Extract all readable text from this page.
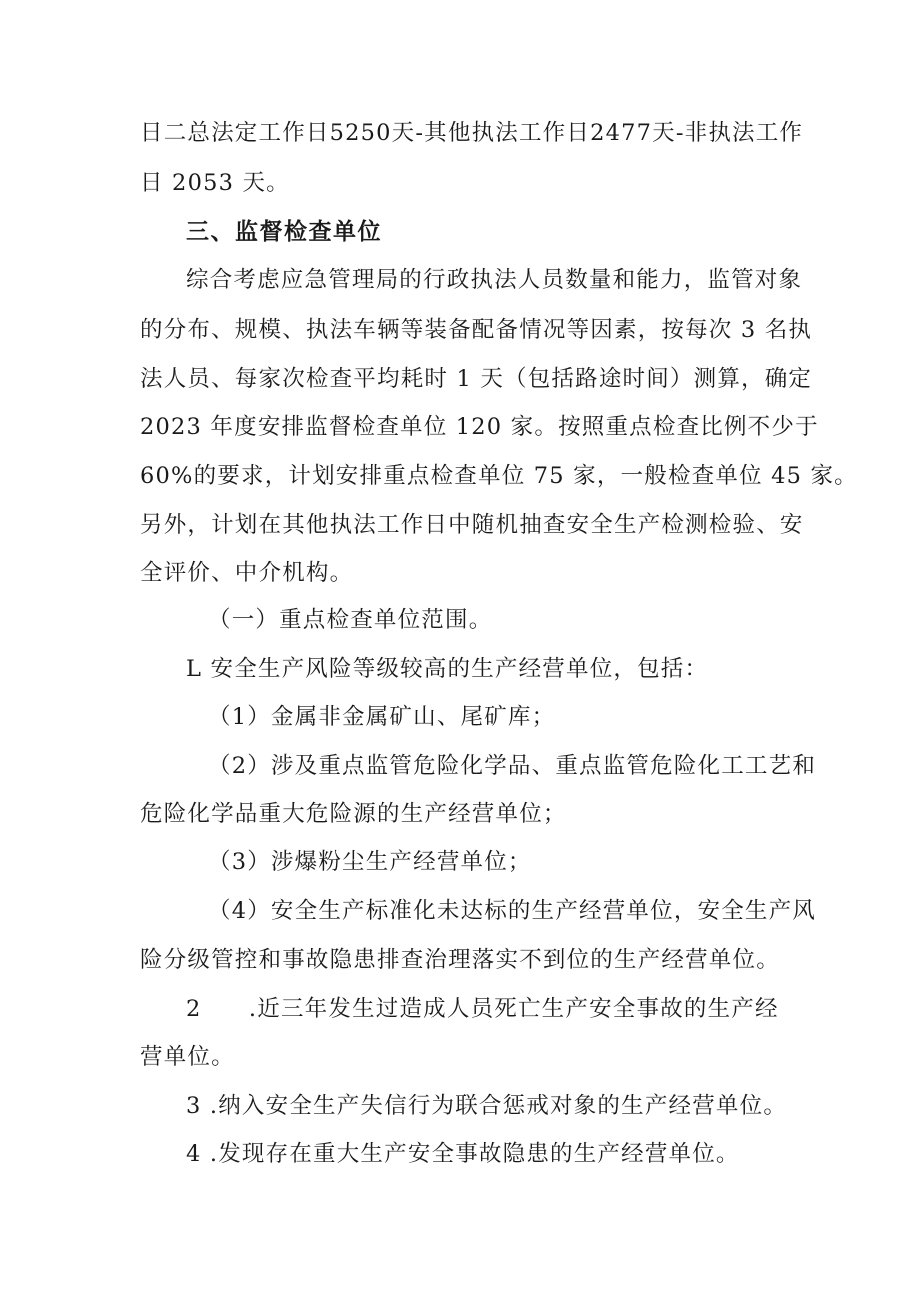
日二总法定工作日5250天-其他执法工作日2477天-非执法工作
日 2053 天。
三、监督检查单位
综合考虑应急管理局的行政执法人员数量和能力，监管对象
的分布、规模、执法车辆等装备配备情况等因素，按每次 3 名执
法人员、每家次检查平均耗时 1 天（包括路途时间）测算，确定
2023 年度安排监督检查单位 120 家。按照重点检查比例不少于
60%的要求，计划安排重点检查单位 75 家，一般检查单位 45 家。
另外，计划在其他执法工作日中随机抽查安全生产检测检验、安
全评价、中介机构。
（一）重点检查单位范围。
L 安全生产风险等级较高的生产经营单位，包括：
（1）金属非金属矿山、尾矿库；
（2）涉及重点监管危险化学品、重点监管危险化工工艺和
危险化学品重大危险源的生产经营单位；
（3）涉爆粉尘生产经营单位；
（4）安全生产标准化未达标的生产经营单位，安全生产风
险分级管控和事故隐患排查治理落实不到位的生产经营单位。
2　　.近三年发生过造成人员死亡生产安全事故的生产经
营单位。
3 .纳入安全生产失信行为联合惩戒对象的生产经营单位。
4 .发现存在重大生产安全事故隐患的生产经营单位。
